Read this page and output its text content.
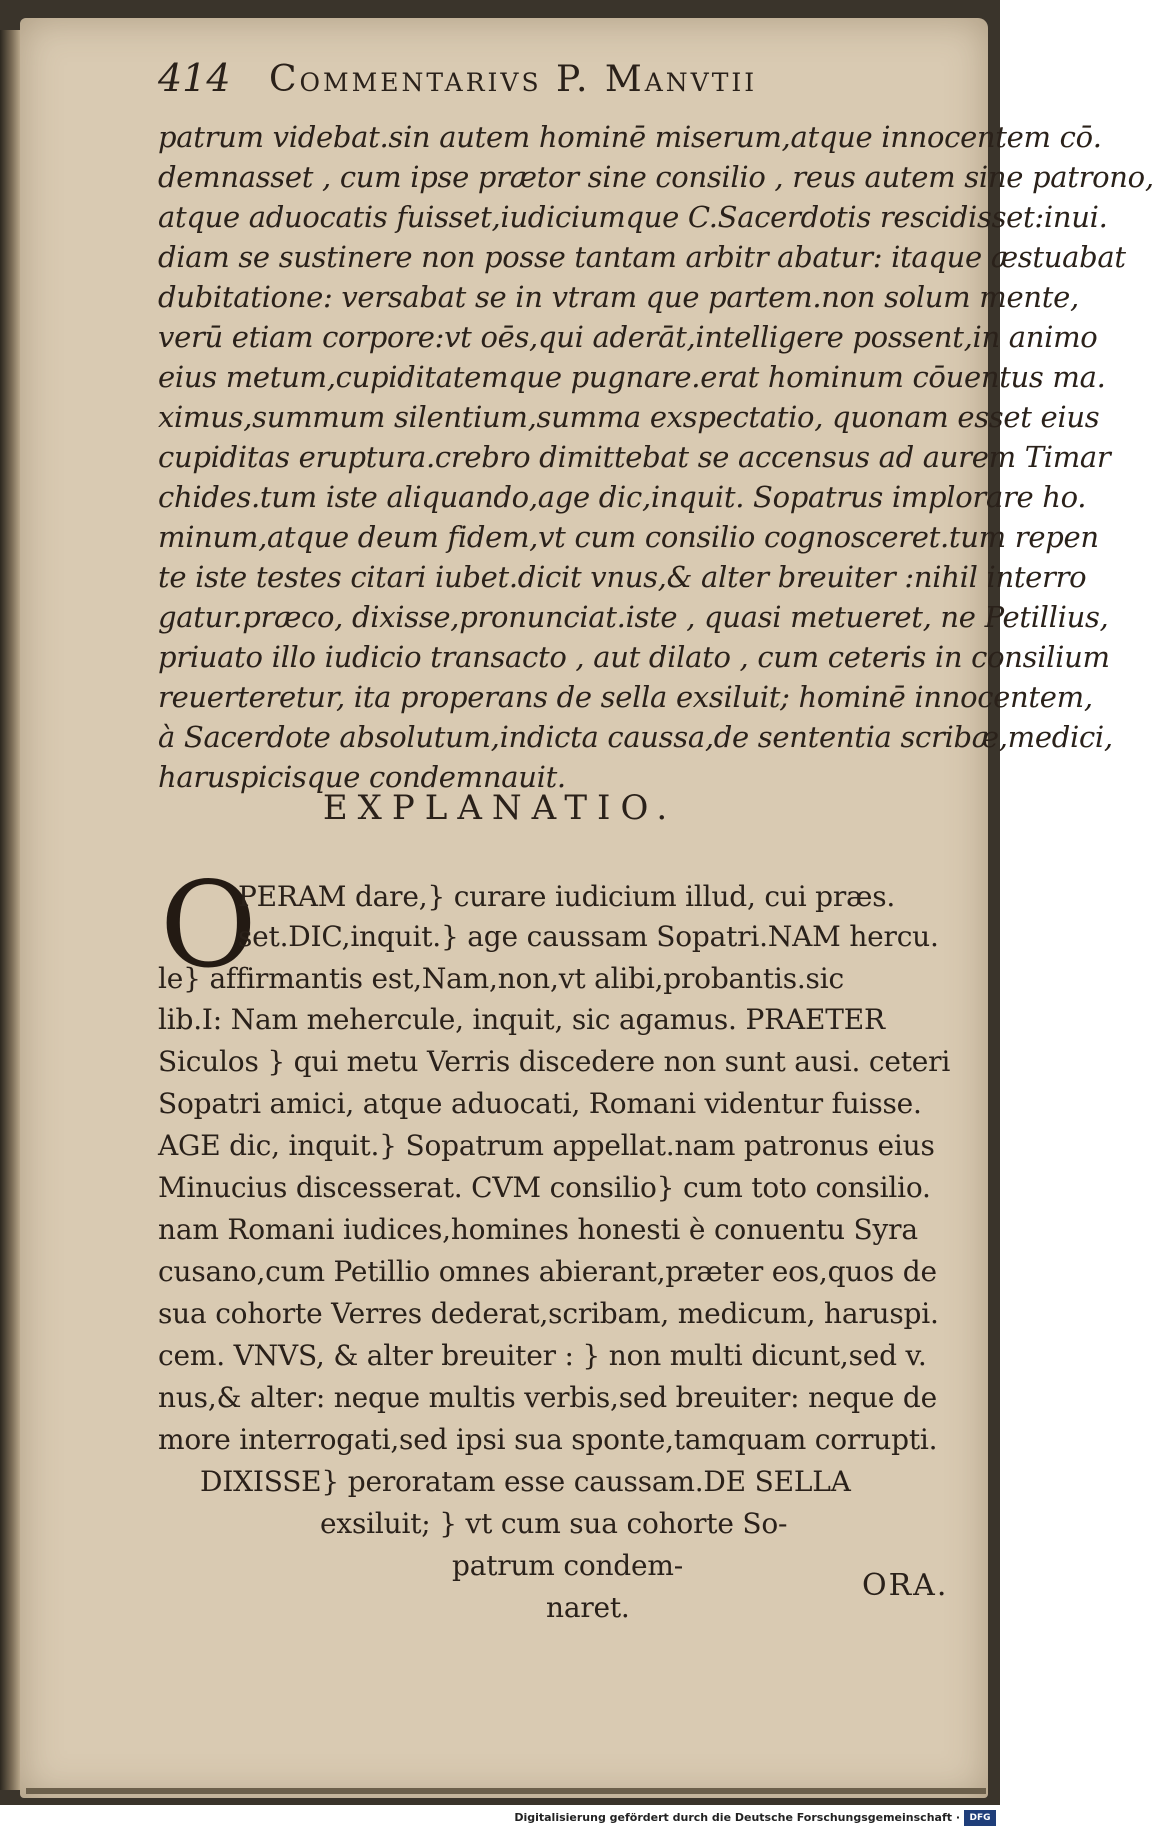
414 Commentarivs P. Manvtii
patrum videbat.sin autem hominē miserum,atque innocentem cō.
demnasset , cum ipse prætor sine consilio , reus autem sine patrono,
atque aduocatis fuisset,iudiciumque C.Sacerdotis rescidisset:inui.
diam se sustinere non posse tantam arbitr abatur: itaque æstuabat
dubitatione: versabat se in vtram que partem.non solum mente,
verū etiam corpore:vt oēs,qui aderāt,intelligere possent,in animo
eius metum,cupiditatemque pugnare.erat hominum cōuentus ma.
ximus,summum silentium,summa exspectatio, quonam esset eius
cupiditas eruptura.crebro dimittebat se accensus ad aurem Timar
chides.tum iste aliquando,age dic,inquit. Sopatrus implorare ho.
minum,atque deum fidem,vt cum consilio cognosceret.tum repen
te iste testes citari iubet.dicit vnus,& alter breuiter :nihil interro
gatur.præco, dixisse,pronunciat.iste , quasi metueret, ne Petillius,
priuato illo iudicio transacto , aut dilato , cum ceteris in consilium
reuerteretur, ita properans de sella exsiluit; hominē innocentem,
à Sacerdote absolutum,indicta caussa,de sententia scribæ,medici,
haruspicisque condemnauit.
EXPLANATIO.
O
PERAM dare,} curare iudicium illud, cui præs.
set.DIC,inquit.} age caussam Sopatri.NAM hercu.
le} affirmantis est,Nam,non,vt alibi,probantis.sic
lib.I: Nam mehercule, inquit, sic agamus. PRAETER
Siculos } qui metu Verris discedere non sunt ausi. ceteri
Sopatri amici, atque aduocati, Romani videntur fuisse.
AGE dic, inquit.} Sopatrum appellat.nam patronus eius
Minucius discesserat. CVM consilio} cum toto consilio.
nam Romani iudices,homines honesti è conuentu Syra
cusano,cum Petillio omnes abierant,præter eos,quos de
sua cohorte Verres dederat,scribam, medicum, haruspi.
cem. VNVS, & alter breuiter : } non multi dicunt,sed v.
nus,& alter: neque multis verbis,sed breuiter: neque de
more interrogati,sed ipsi sua sponte,tamquam corrupti.
DIXISSE} peroratam esse caussam.DE SELLA
exsiluit; } vt cum sua cohorte So-
patrum condem-
naret.
ORA.
Digitalisierung gefördert durch die Deutsche Forschungsgemeinschaft ·	DFG
